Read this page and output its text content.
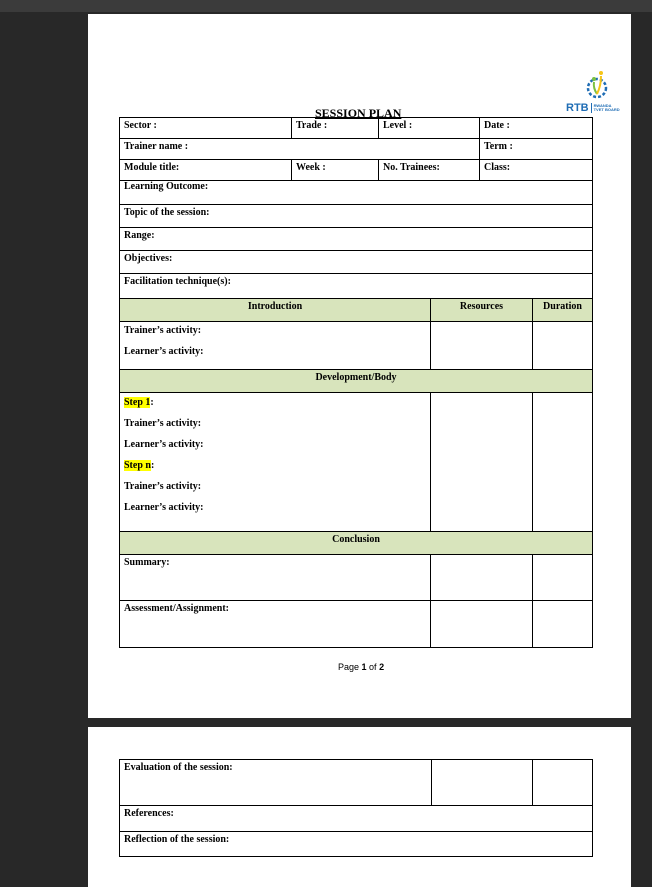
RTB RWANDA
TVET BOARD
SESSION PLAN
Sector :	Trade :	Level :	Date :
Trainer name :	Term :
Module title:	Week :	No. Trainees:	Class:
Learning Outcome:
Topic of the session:
Range:
Objectives:
Facilitation technique(s):
Introduction	Resources	Duration
Trainer’s activity:
Learner’s activity:
Development/Body
Step 1:
Trainer’s activity:
Learner’s activity:
Step n:
Trainer’s activity:
Learner’s activity:
Conclusion
Summary:
Assessment/Assignment:
Page 1 of 2
Evaluation of the session:
References:
Reflection of the session:
